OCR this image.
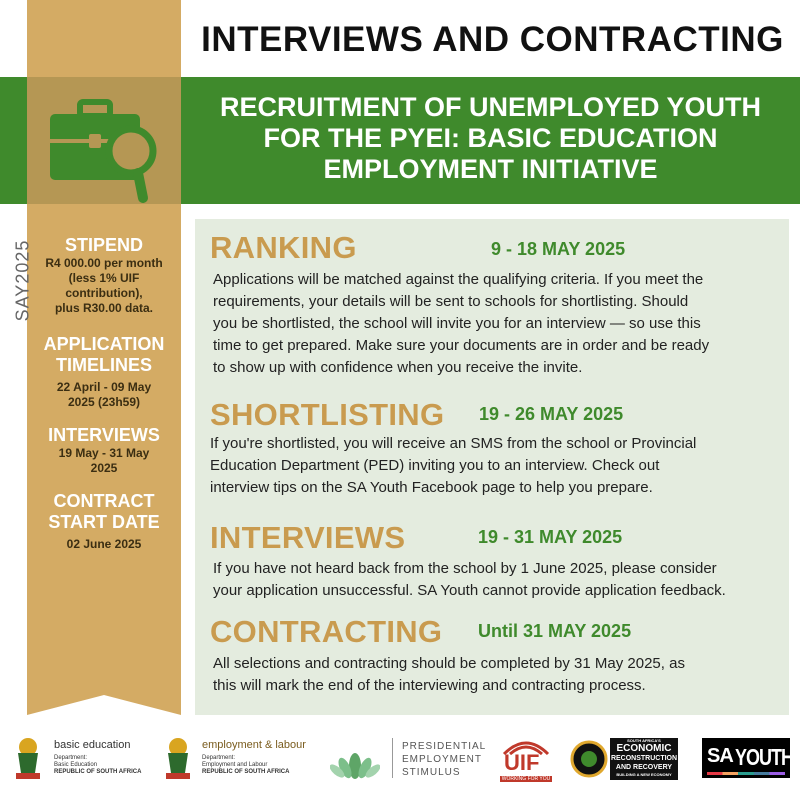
RECRUITMENT OF UNEMPLOYED YOUTH
FOR THE PYEI: BASIC EDUCATION
EMPLOYMENT INITIATIVE
INTERVIEWS AND CONTRACTING
SAY2025	STIPEND
R4 000.00 per month
(less 1% UIF
contribution),
plus R30.00 data.
APPLICATION
TIMELINES
22 April - 09 May
2025 (23h59)
INTERVIEWS
19 May - 31 May
2025
CONTRACT
START DATE
02 June 2025
RANKING	9 - 18 MAY 2025
Applications will be matched against the qualifying criteria. If you meet the
requirements, your details will be sent to schools for shortlisting. Should
you be shortlisted, the school will invite you for an interview — so use this
time to get prepared. Make sure your documents are in order and be ready
to show up with confidence when you receive the invite.
SHORTLISTING 19 - 26 MAY 2025
If you're shortlisted, you will receive an SMS from the school or Provincial
Education Department (PED) inviting you to an interview. Check out
interview tips on the SA Youth Facebook page to help you prepare.
INTERVIEWS	19 - 31 MAY 2025
If you have not heard back from the school by 1 June 2025, please consider
your application unsuccessful. SA Youth cannot provide application feedback.
CONTRACTING Until 31 MAY 2025
All selections and contracting should be completed by 31 May 2025, as
this will mark the end of the interviewing and contracting process.
basic education
Department:
Basic Education
REPUBLIC OF SOUTH AFRICA
employment & labour
Department:
Employment and Labour
REPUBLIC OF SOUTH AFRICA
PRESIDENTIAL
EMPLOYMENT
STIMULUS	UIF
WORKING FOR YOU
SOUTH AFRICA'S
ECONOMIC
RECONSTRUCTION
AND RECOVERY
BUILDING A NEW ECONOMY
SA YOUTH
